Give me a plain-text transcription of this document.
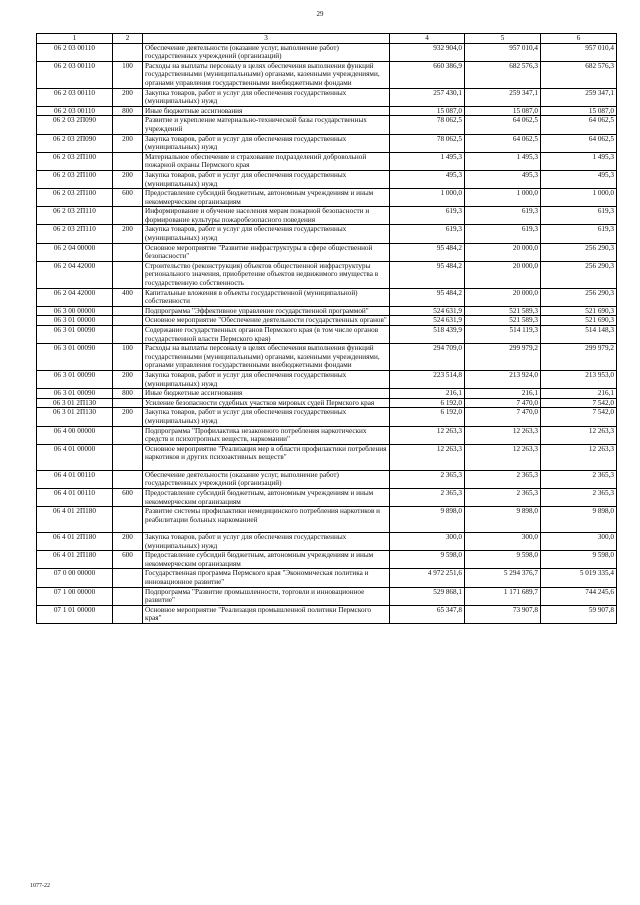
29
1	2	3	4	5	6
06 2 03 00110		Обеспечение деятельности (оказание услуг, выполнение работ) государственных учреждений (организаций)	932 904,0	957 010,4	957 010,4
06 2 03 00110	100	Расходы на выплаты персоналу в целях обеспечения выполнения функций государственными (муниципальными) органами, казенными учреждениями, органами управления государственными внебюджетными фондами	660 386,9	682 576,3	682 576,3
06 2 03 00110	200	Закупка товаров, работ и услуг для обеспечения государственных (муниципальных) нужд	257 430,1	259 347,1	259 347,1
06 2 03 00110	800	Иные бюджетные ассигнования	15 087,0	15 087,0	15 087,0
06 2 03 2П090		Развитие и укрепление материально-технической базы государственных учреждений	78 062,5	64 062,5	64 062,5
06 2 03 2П090	200	Закупка товаров, работ и услуг для обеспечения государственных (муниципальных) нужд	78 062,5	64 062,5	64 062,5
06 2 03 2П100		Материальное обеспечение и страхование подразделений добровольной пожарной охраны Пермского края	1 495,3	1 495,3	1 495,3
06 2 03 2П100	200	Закупка товаров, работ и услуг для обеспечения государственных (муниципальных) нужд	495,3	495,3	495,3
06 2 03 2П100	600	Предоставление субсидий бюджетным, автономным учреждениям и иным некоммерческим организациям	1 000,0	1 000,0	1 000,0
06 2 03 2П110		Информирование и обучение населения мерам пожарной безопасности и формирование культуры пожаробезопасного поведения	619,3	619,3	619,3
06 2 03 2П110	200	Закупка товаров, работ и услуг для обеспечения государственных (муниципальных) нужд	619,3	619,3	619,3
06 2 04 00000		Основное мероприятие "Развитие инфраструктуры в сфере общественной безопасности"	95 484,2	20 000,0	256 290,3
06 2 04 42000		Строительство (реконструкция) объектов общественной инфраструктуры регионального значения, приобретение объектов недвижимого имущества в государственную собственность	95 484,2	20 000,0	256 290,3
06 2 04 42000	400	Капитальные вложения в объекты государственной (муниципальной) собственности	95 484,2	20 000,0	256 290,3
06 3 00 00000		Подпрограмма "Эффективное управление государственной программой"	524 631,9	521 589,3	521 690,3
06 3 01 00000		Основное мероприятие "Обеспечение деятельности государственных органов"	524 631,9	521 589,3	521 690,3
06 3 01 00090		Содержание государственных органов Пермского края (в том числе органов государственной власти Пермского края)	518 439,9	514 119,3	514 148,3
06 3 01 00090	100	Расходы на выплаты персоналу в целях обеспечения выполнения функций государственными (муниципальными) органами, казенными учреждениями, органами управления государственными внебюджетными фондами	294 709,0	299 979,2	299 979,2
06 3 01 00090	200	Закупка товаров, работ и услуг для обеспечения государственных (муниципальных) нужд	223 514,8	213 924,0	213 953,0
06 3 01 00090	800	Иные бюджетные ассигнования	216,1	216,1	216,1
06 3 01 2П130		Усиление безопасности судебных участков мировых судей Пермского края	6 192,0	7 470,0	7 542,0
06 3 01 2П130	200	Закупка товаров, работ и услуг для обеспечения государственных (муниципальных) нужд	6 192,0	7 470,0	7 542,0
06 4 00 00000		Подпрограмма "Профилактика незаконного потребления наркотических средств и психотропных веществ, наркомании"	12 263,3	12 263,3	12 263,3
06 4 01 00000		Основное мероприятие "Реализация мер в области профилактики потребления наркотиков и других психоактивных веществ"	12 263,3	12 263,3	12 263,3
06 4 01 00110		Обеспечение деятельности (оказание услуг, выполнение работ) государственных учреждений (организаций)	2 365,3	2 365,3	2 365,3
06 4 01 00110	600	Предоставление субсидий бюджетным, автономным учреждениям и иным некоммерческим организациям	2 365,3	2 365,3	2 365,3
06 4 01 2П180		Развитие системы профилактики немедицинского потребления наркотиков и реабилитации больных наркоманией	9 898,0	9 898,0	9 898,0
06 4 01 2П180	200	Закупка товаров, работ и услуг для обеспечения государственных (муниципальных) нужд	300,0	300,0	300,0
06 4 01 2П180	600	Предоставление субсидий бюджетным, автономным учреждениям и иным некоммерческим организациям	9 598,0	9 598,0	9 598,0
07 0 00 00000		Государственная программа Пермского края "Экономическая политика и инновационное развитие"	4 972 251,6	5 294 376,7	5 019 335,4
07 1 00 00000		Подпрограмма "Развитие промышленности, торговли и инновационное развитие"	529 868,1	1 171 689,7	744 245,6
07 1 01 00000		Основное мероприятие "Реализация промышленной политики Пермского края"	65 347,8	73 907,8	59 907,8
1077-22
